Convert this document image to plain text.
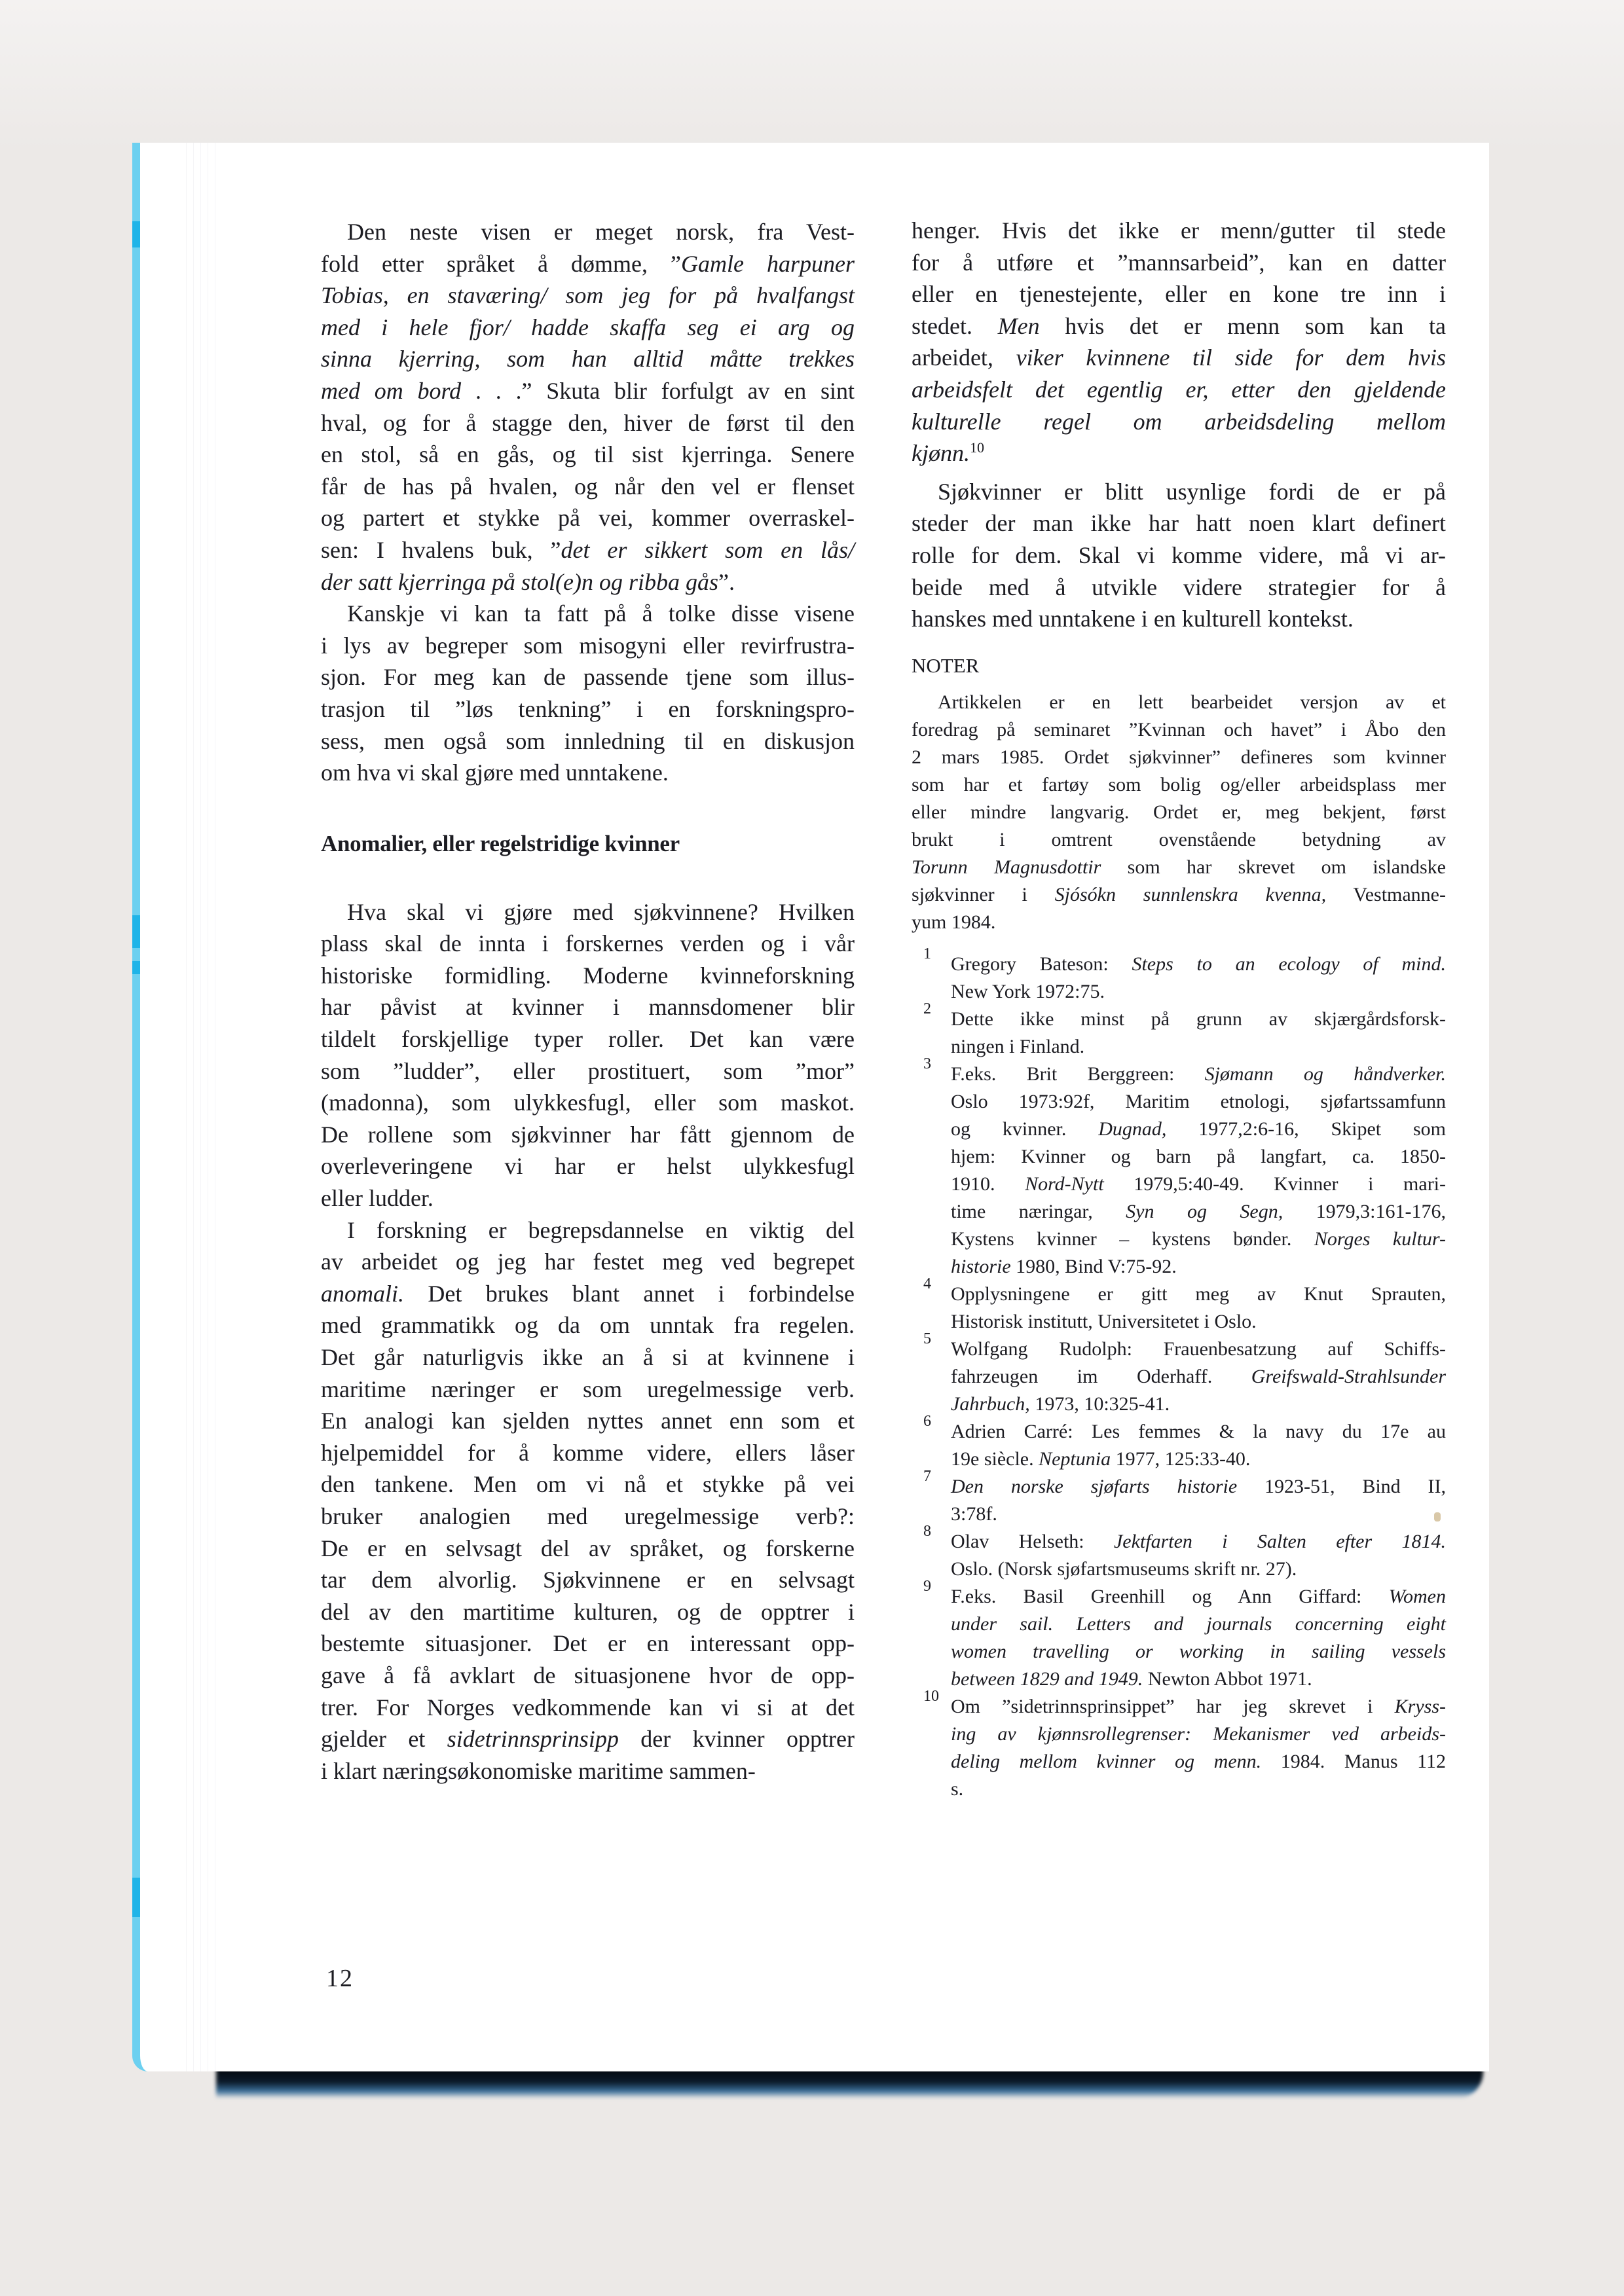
Den neste visen er meget norsk, fra Vest-
fold etter språket å dømme, ”Gamle harpuner
Tobias, en staværing/ som jeg for på hvalfangst
med i hele fjor/ hadde skaffa seg ei arg og
sinna kjerring, som han alltid måtte trekkes
med om bord . . .” Skuta blir forfulgt av en sint
hval, og for å stagge den, hiver de først til den
en stol, så en gås, og til sist kjerringa. Senere
får de has på hvalen, og når den vel er flenset
og partert et stykke på vei, kommer overraskel-
sen: I hvalens buk, ”det er sikkert som en lås/
der satt kjerringa på stol(e)n og ribba gås”.
Kanskje vi kan ta fatt på å tolke disse visene
i lys av begreper som misogyni eller revirfrustra-
sjon. For meg kan de passende tjene som illus-
trasjon til ”løs tenkning” i en forskningspro-
sess, men også som innledning til en diskusjon
om hva vi skal gjøre med unntakene.
Anomalier, eller regelstridige kvinner
Hva skal vi gjøre med sjøkvinnene? Hvilken
plass skal de innta i forskernes verden og i vår
historiske formidling. Moderne kvinneforskning
har påvist at kvinner i mannsdomener blir
tildelt forskjellige typer roller. Det kan være
som ”ludder”, eller prostituert, som ”mor”
(madonna), som ulykkesfugl, eller som maskot.
De rollene som sjøkvinner har fått gjennom de
overleveringene vi har er helst ulykkesfugl
eller ludder.
I forskning er begrepsdannelse en viktig del
av arbeidet og jeg har festet meg ved begrepet
anomali. Det brukes blant annet i forbindelse
med grammatikk og da om unntak fra regelen.
Det går naturligvis ikke an å si at kvinnene i
maritime næringer er som uregelmessige verb.
En analogi kan sjelden nyttes annet enn som et
hjelpemiddel for å komme videre, ellers låser
den tankene. Men om vi nå et stykke på vei
bruker analogien med uregelmessige verb?:
De er en selvsagt del av språket, og forskerne
tar dem alvorlig. Sjøkvinnene er en selvsagt
del av den martitime kulturen, og de opptrer i
bestemte situasjoner. Det er en interessant opp-
gave å få avklart de situasjonene hvor de opp-
trer. For Norges vedkommende kan vi si at det
gjelder et sidetrinnsprinsipp der kvinner opptrer
i klart næringsøkonomiske maritime sammen-
henger. Hvis det ikke er menn/gutter til stede
for å utføre et ”mannsarbeid”, kan en datter
eller en tjenestejente, eller en kone tre inn i
stedet. Men hvis det er menn som kan ta
arbeidet, viker kvinnene til side for dem hvis
arbeidsfelt det egentlig er, etter den gjeldende
kulturelle regel om arbeidsdeling mellom
kjønn.$^{10}$
Sjøkvinner er blitt usynlige fordi de er på
steder der man ikke har hatt noen klart definert
rolle for dem. Skal vi komme videre, må vi ar-
beide med å utvikle videre strategier for å
hanskes med unntakene i en kulturell kontekst.
NOTER
Artikkelen er en lett bearbeidet versjon av et
foredrag på seminaret ”Kvinnan och havet” i Åbo den
2 mars 1985. Ordet sjøkvinner” defineres som kvinner
som har et fartøy som bolig og/eller arbeidsplass mer
eller mindre langvarig. Ordet er, meg bekjent, først
brukt i omtrent ovenstående betydning av
Torunn Magnusdottir som har skrevet om islandske
sjøkvinner i Sjósókn sunnlenskra kvenna, Vestmanne-
yum 1984.
1 Gregory Bateson: Steps to an ecology of mind.
New York 1972:75.
2 Dette ikke minst på grunn av skjærgårdsforsk-
ningen i Finland.
3 F.eks. Brit Berggreen: Sjømann og håndverker.
Oslo 1973:92f, Maritim etnologi, sjøfartssamfunn
og kvinner. Dugnad, 1977,2:6-16, Skipet som
hjem: Kvinner og barn på langfart, ca. 1850-
1910. Nord-Nytt 1979,5:40-49. Kvinner i mari-
time næringar, Syn og Segn, 1979,3:161-176,
Kystens kvinner – kystens bønder. Norges kultur-
historie 1980, Bind V:75-92.
4 Opplysningene er gitt meg av Knut Sprauten,
Historisk institutt, Universitetet i Oslo.
5 Wolfgang Rudolph: Frauenbesatzung auf Schiffs-
fahrzeugen im Oderhaff. Greifswald-Strahlsunder
Jahrbuch, 1973, 10:325-41.
6 Adrien Carré: Les femmes & la navy du 17e au
19e siècle. Neptunia 1977, 125:33-40.
7 Den norske sjøfarts historie 1923-51, Bind II,
3:78f.
8 Olav Helseth: Jektfarten i Salten efter 1814.
Oslo. (Norsk sjøfartsmuseums skrift nr. 27).
9 F.eks. Basil Greenhill og Ann Giffard: Women
under sail. Letters and journals concerning eight
women travelling or working in sailing vessels
between 1829 and 1949. Newton Abbot 1971.
10 Om ”sidetrinnsprinsippet” har jeg skrevet i Kryss-
ing av kjønnsrollegrenser: Mekanismer ved arbeids-
deling mellom kvinner og menn. 1984. Manus 112
s.
12
